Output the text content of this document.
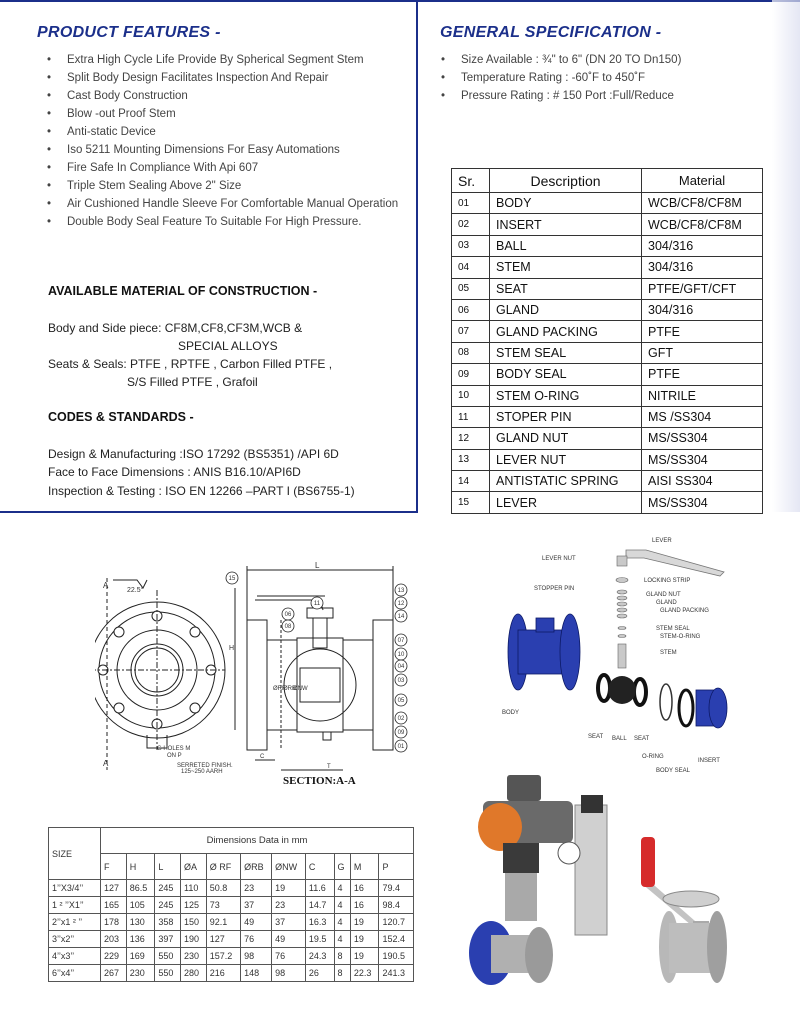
PRODUCT FEATURES -
• Extra High Cycle Life Provide By Spherical Segment Stem
• Split Body Design Facilitates Inspection And Repair
• Cast Body Construction
• Blow -out Proof Stem
• Anti-static Device
• Iso 5211 Mounting Dimensions For Easy Automations
• Fire Safe In Compliance With Api 607
• Triple Stem Sealing Above 2" Size
• Air Cushioned Handle Sleeve For Comfortable Manual Operation
• Double Body Seal Feature To Suitable For High Pressure.
AVAILABLE MATERIAL OF CONSTRUCTION -
Body and Side piece: CF8M,CF8,CF3M,WCB &
SPECIAL ALLOYS
Seats & Seals: PTFE , RPTFE , Carbon Filled PTFE ,
S/S Filled PTFE , Grafoil
CODES & STANDARDS -
Design & Manufacturing :ISO 17292 (BS5351) /API 6D
Face to Face Dimensions : ANIS B16.10/API6D
Inspection & Testing : ISO EN 12266 –PART I (BS6755-1)
GENERAL SPECIFICATION -
• Size Available : ¾" to 6" (DN 20 TO Dn150)
• Temperature Rating : -60˚F to 450˚F
• Pressure Rating : # 150 Port :Full/Reduce
Sr.	Description	Material
01	BODY	WCB/CF8/CF8M
02	INSERT	WCB/CF8/CF8M
03	BALL	304/316
04	STEM	304/316
05	SEAT	PTFE/GFT/CFT
06	GLAND	304/316
07	GLAND PACKING	PTFE
08	STEM SEAL	GFT
09	BODY SEAL	PTFE
10	STEM O-RING	NITRILE
11	STOPER PIN	MS /SS304
12	GLAND NUT	MS/SS304
13	LEVER NUT	MS/SS304
14	ANTISTATIC SPRING	AISI SS304
15	LEVER	MS/SS304
A
A
22.5°
G HOLES M
ON P
SERRETED FINISH.
125~250 AARH
L
H
C
ØRF
ØRB
ØNW
T
SECTION:A-A
15
11
13
12
06
08
14
07
10
04
03
05
02
09
01
LEVER NUT
LEVER
STOPPER PIN
LOCKING STRIP
GLAND NUT
GLAND
GLAND PACKING
STEM SEAL
STEM-O-RING
STEM
BODY
SEAT BALL SEAT
O-RING
BODY SEAL
INSERT
SIZE	Dimensions Data in mm										
	F	H	L	ØA	Ø RF	ØRB	ØNW	C	G	M	P
1’’X3/4’’	127	86.5	245	110	50.8	23	19	11.6	4	16	79.4
1 ² ’’X1’’	165	105	245	125	73	37	23	14.7	4	16	98.4
2’’x1 ² ’’	178	130	358	150	92.1	49	37	16.3	4	19	120.7
3’’x2’’	203	136	397	190	127	76	49	19.5	4	19	152.4
4’’x3’’	229	169	550	230	157.2	98	76	24.3	8	19	190.5
6’’x4’’	267	230	550	280	216	148	98	26	8	22.3	241.3
